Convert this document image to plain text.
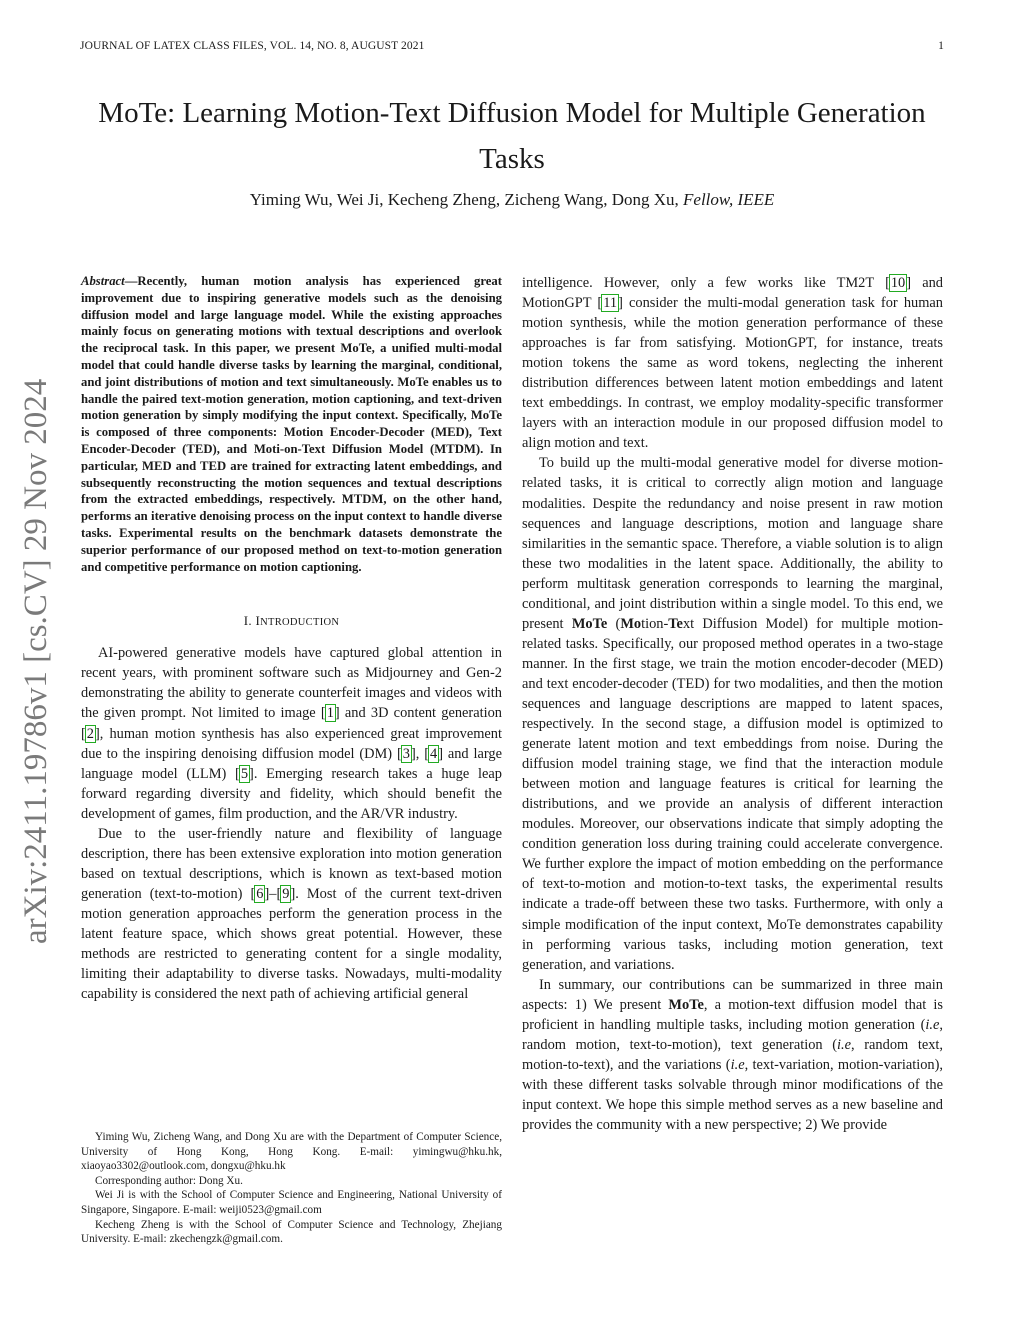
JOURNAL OF LATEX CLASS FILES, VOL. 14, NO. 8, AUGUST 2021	1
arXiv:2411.19786v1 [cs.CV] 29 Nov 2024
MoTe: Learning Motion-Text Diffusion Model for Multiple Generation Tasks
Yiming Wu, Wei Ji, Kecheng Zheng, Zicheng Wang, Dong Xu, Fellow, IEEE

Abstract—Recently, human motion analysis has experienced great improvement due to inspiring generative models such as the denoising diffusion model and large language model. While the existing approaches mainly focus on generating motions with textual descriptions and overlook the reciprocal task. In this paper, we present MoTe, a unified multi-modal model that could handle diverse tasks by learning the marginal, conditional, and joint distributions of motion and text simultaneously. MoTe enables us to handle the paired text-motion generation, motion captioning, and text-driven motion generation by simply modifying the input context. Specifically, MoTe is composed of three components: Motion Encoder-Decoder (MED), Text Encoder-Decoder (TED), and Moti-on-Text Diffusion Model (MTDM). In particular, MED and TED are trained for extracting latent embeddings, and subsequently reconstructing the motion sequences and textual descriptions from the extracted embeddings, respectively. MTDM, on the other hand, performs an iterative denoising process on the input context to handle diverse tasks. Experimental results on the benchmark datasets demonstrate the superior performance of our proposed method on text-to-motion generation and competitive performance on motion captioning.

I. INTRODUCTION

AI-powered generative models have captured global attention in recent years, with prominent software such as Midjourney and Gen-2 demonstrating the ability to generate counterfeit images and videos with the given prompt. Not limited to image [1] and 3D content generation [2], human motion synthesis has also experienced great improvement due to the inspiring denoising diffusion model (DM) [3], [4] and large language model (LLM) [5]. Emerging research takes a huge leap forward regarding diversity and fidelity, which should benefit the development of games, film production, and the AR/VR industry.

Due to the user-friendly nature and flexibility of language description, there has been extensive exploration into motion generation based on textual descriptions, which is known as text-based motion generation (text-to-motion) [6]–[9]. Most of the current text-driven motion generation approaches perform the generation process in the latent feature space, which shows great potential. However, these methods are restricted to generating content for a single modality, limiting their adaptability to diverse tasks. Nowadays, multi-modality capability is considered the next path of achieving artificial general

Yiming Wu, Zicheng Wang, and Dong Xu are with the Department of Computer Science, University of Hong Kong, Hong Kong. E-mail: yimingwu@hku.hk, xiaoyao3302@outlook.com, dongxu@hku.hk

Corresponding author: Dong Xu.

Wei Ji is with the School of Computer Science and Engineering, National University of Singapore, Singapore. E-mail: weiji0523@gmail.com

Kecheng Zheng is with the School of Computer Science and Technology, Zhejiang University. E-mail: zkechengzk@gmail.com.

intelligence. However, only a few works like TM2T [10] and MotionGPT [11] consider the multi-modal generation task for human motion synthesis, while the motion generation performance of these approaches is far from satisfying. MotionGPT, for instance, treats motion tokens the same as word tokens, neglecting the inherent distribution differences between latent motion embeddings and latent text embeddings. In contrast, we employ modality-specific transformer layers with an interaction module in our proposed diffusion model to align motion and text.

To build up the multi-modal generative model for diverse motion-related tasks, it is critical to correctly align motion and language modalities. Despite the redundancy and noise present in raw motion sequences and language descriptions, motion and language share similarities in the semantic space. Therefore, a viable solution is to align these two modalities in the latent space. Additionally, the ability to perform multitask generation corresponds to learning the marginal, conditional, and joint distribution within a single model. To this end, we present MoTe (Motion-Text Diffusion Model) for multiple motion-related tasks. Specifically, our proposed method operates in a two-stage manner. In the first stage, we train the motion encoder-decoder (MED) and text encoder-decoder (TED) for two modalities, and then the motion sequences and language descriptions are mapped to latent spaces, respectively. In the second stage, a diffusion model is optimized to generate latent motion and text embeddings from noise. During the diffusion model training stage, we find that the interaction module between motion and language features is critical for learning the distributions, and we provide an analysis of different interaction modules. Moreover, our observations indicate that simply adopting the condition generation loss during training could accelerate convergence. We further explore the impact of motion embedding on the performance of text-to-motion and motion-to-text tasks, the experimental results indicate a trade-off between these two tasks. Furthermore, with only a simple modification of the input context, MoTe demonstrates capability in performing various tasks, including motion generation, text generation, and variations.

In summary, our contributions can be summarized in three main aspects: 1) We present MoTe, a motion-text diffusion model that is proficient in handling multiple tasks, including motion generation (i.e, random motion, text-to-motion), text generation (i.e, random text, motion-to-text), and the variations (i.e, text-variation, motion-variation), with these different tasks solvable through minor modifications of the input context. We hope this simple method serves as a new baseline and provides the community with a new perspective; 2) We provide
